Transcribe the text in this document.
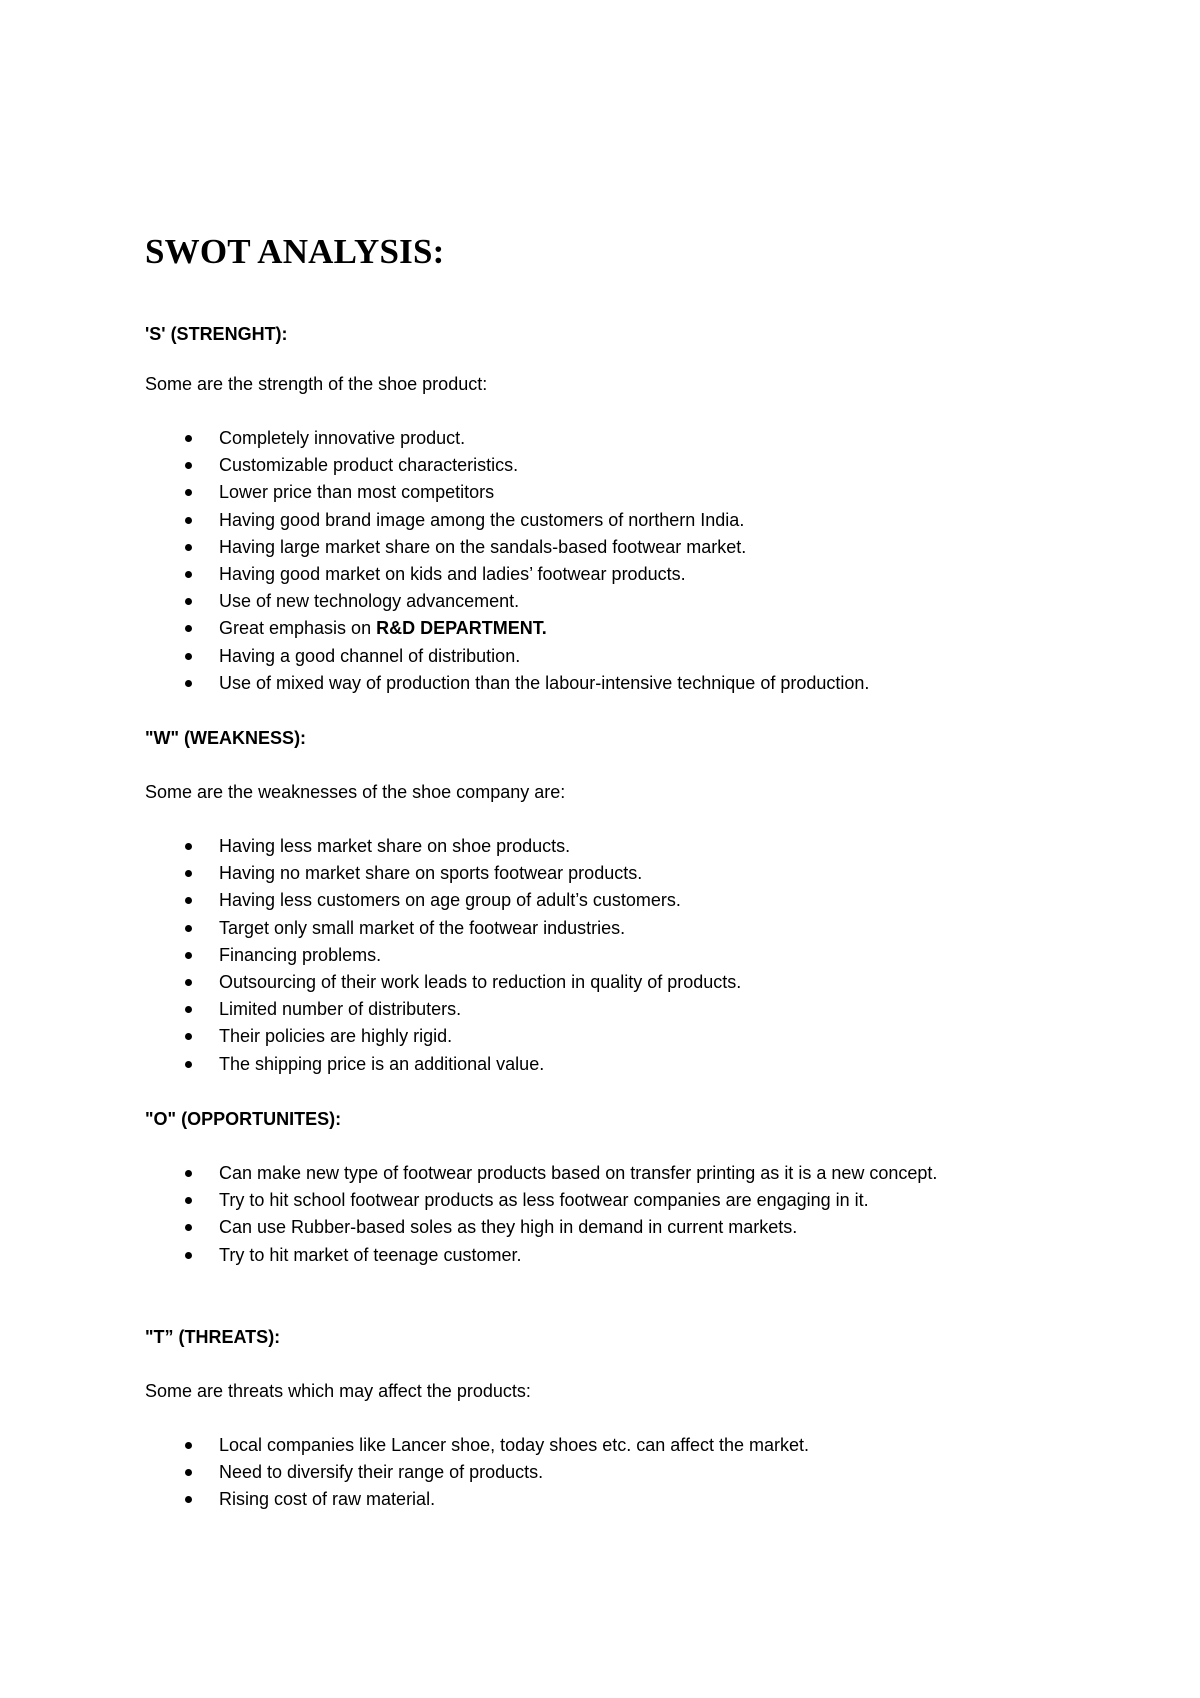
SWOT ANALYSIS:

'S' (STRENGHT):

Some are the strength of the shoe product:

Completely innovative product.
Customizable product characteristics.
Lower price than most competitors
Having good brand image among the customers of northern India.
Having large market share on the sandals-based footwear market.
Having good market on kids and ladies’ footwear products.
Use of new technology advancement.
Great emphasis on R&D DEPARTMENT.
Having a good channel of distribution.
Use of mixed way of production than the labour-intensive technique of production.

"W" (WEAKNESS):

Some are the weaknesses of the shoe company are:

Having less market share on shoe products.
Having no market share on sports footwear products.
Having less customers on age group of adult’s customers.
Target only small market of the footwear industries.
Financing problems.
Outsourcing of their work leads to reduction in quality of products.
Limited number of distributers.
Their policies are highly rigid.
The shipping price is an additional value.

"O" (OPPORTUNITES):

Can make new type of footwear products based on transfer printing as it is a new concept.
Try to hit school footwear products as less footwear companies are engaging in it.
Can use Rubber-based soles as they high in demand in current markets.
Try to hit market of teenage customer.

"T” (THREATS):

Some are threats which may affect the products:

Local companies like Lancer shoe, today shoes etc. can affect the market.
Need to diversify their range of products.
Rising cost of raw material.
